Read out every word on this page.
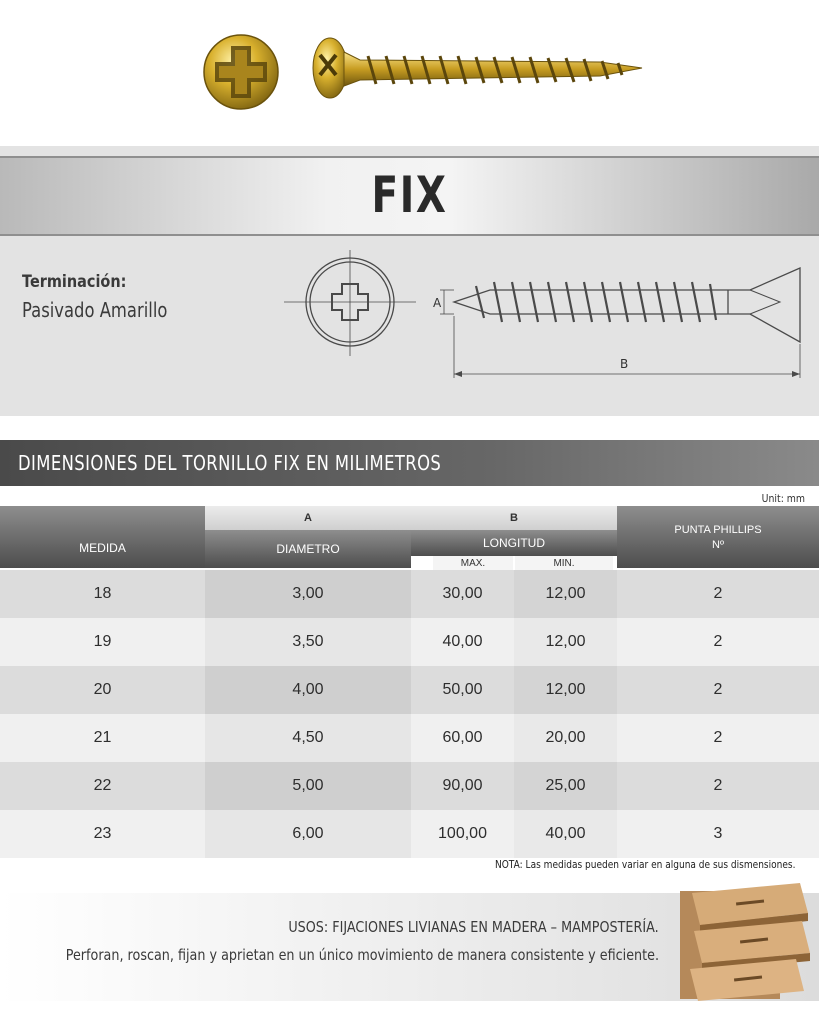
FIX
Terminación:
Pasivado Amarillo	A
B
DIMENSIONES DEL TORNILLO FIX EN MILIMETROS
Unit: mm
MEDIDA
A
DIAMETRO
B
LONGITUD
MAX.	MIN.
PUNTA PHILLIPS
Nº
18	3,00	30,00	12,00	2
19	3,50	40,00	12,00	2
20	4,00	50,00	12,00	2
21	4,50	60,00	20,00	2
22	5,00	90,00	25,00	2
23	6,00	100,00	40,00	3
NOTA: Las medidas pueden variar en alguna de sus dismensiones.
USOS: FIJACIONES LIVIANAS EN MADERA – MAMPOSTERÍA.
Perforan, roscan, fijan y aprietan en un único movimiento de manera consistente y eficiente.
